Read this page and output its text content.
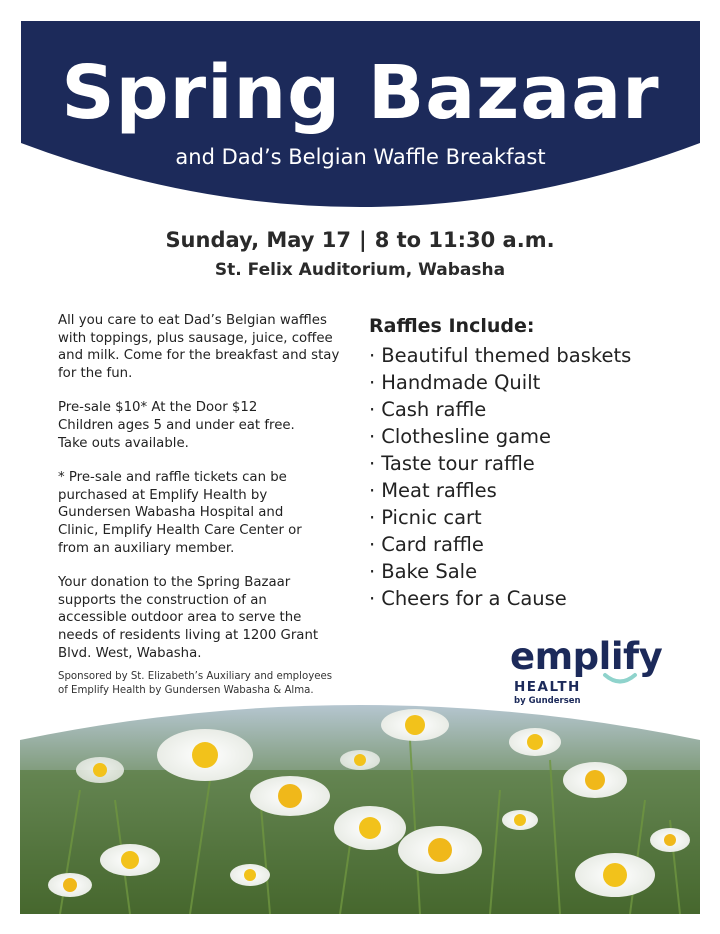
Spring Bazaar
and Dad’s Belgian Waffle Breakfast
Sunday, May 17 | 8 to 11:30 a.m.
St. Felix Auditorium, Wabasha

All you care to eat Dad’s Belgian waffles
with toppings, plus sausage, juice, coffee
and milk. Come for the breakfast and stay
for the fun.

Pre-sale $10* At the Door $12
Children ages 5 and under eat free.
Take outs available.

* Pre-sale and raffle tickets can be
purchased at Emplify Health by
Gundersen Wabasha Hospital and
Clinic, Emplify Health Care Center or
from an auxiliary member.

Your donation to the Spring Bazaar
supports the construction of an
accessible outdoor area to serve the
needs of residents living at 1200 Grant
Blvd. West, Wabasha.

Sponsored by St. Elizabeth’s Auxiliary and employees
of Emplify Health by Gundersen Wabasha & Alma.
Raffles Include:
· Beautiful themed baskets
· Handmade Quilt
· Cash raffle
· Clothesline game
· Taste tour raffle
· Meat raffles
· Picnic cart
· Card raffle
· Bake Sale
· Cheers for a Cause
emplify
HEALTH
by Gundersen
